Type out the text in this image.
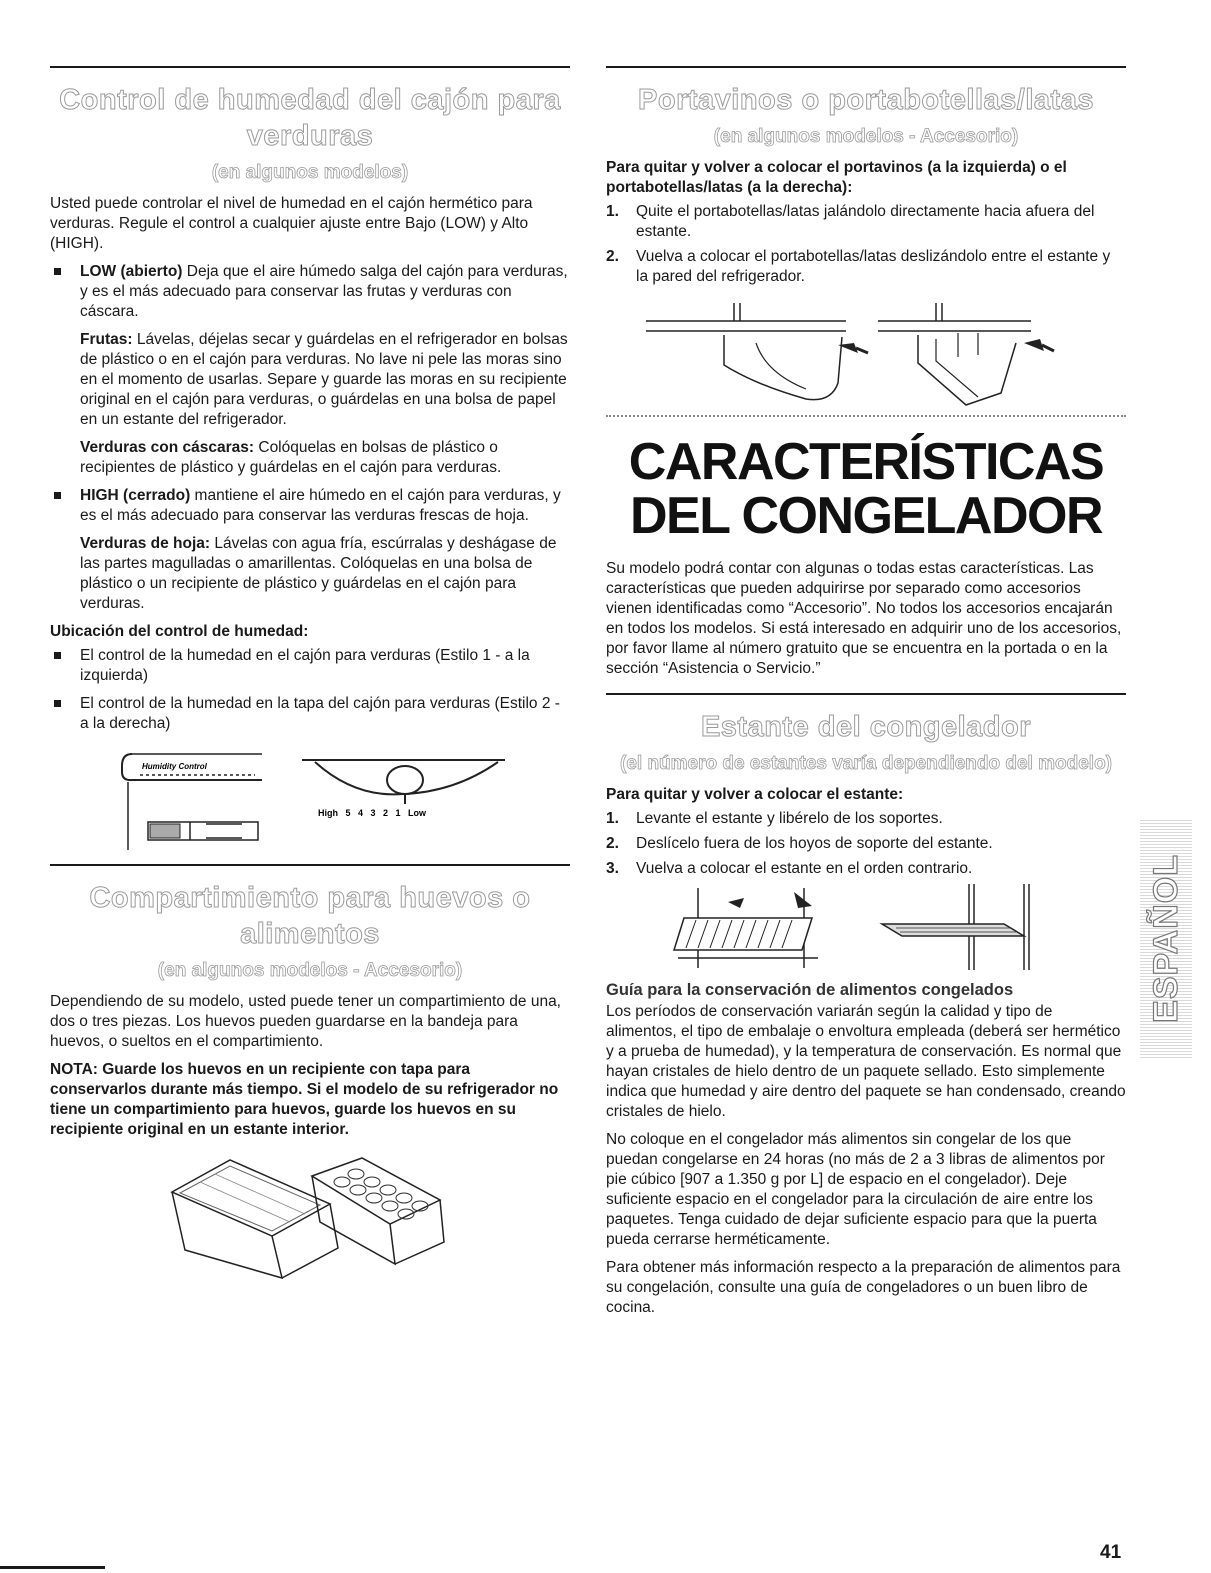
Control de humedad del cajón para verduras
(en algunos modelos)

Usted puede controlar el nivel de humedad en el cajón hermético para verduras. Regule el control a cualquier ajuste entre Bajo (LOW) y Alto (HIGH).

LOW (abierto) Deja que el aire húmedo salga del cajón para verduras, y es el más adecuado para conservar las frutas y verduras con cáscara.

Frutas: Lávelas, déjelas secar y guárdelas en el refrigerador en bolsas de plástico o en el cajón para verduras. No lave ni pele las moras sino en el momento de usarlas. Separe y guarde las moras en su recipiente original en el cajón para verduras, o guárdelas en una bolsa de papel en un estante del refrigerador.

Verduras con cáscaras: Colóquelas en bolsas de plástico o recipientes de plástico y guárdelas en el cajón para verduras.

HIGH (cerrado) mantiene el aire húmedo en el cajón para verduras, y es el más adecuado para conservar las verduras frescas de hoja.

Verduras de hoja: Lávelas con agua fría, escúrralas y deshágase de las partes magulladas o amarillentas. Colóquelas en una bolsa de plástico o un recipiente de plástico y guárdelas en el cajón para verduras.

Ubicación del control de humedad:

El control de la humedad en el cajón para verduras (Estilo 1 - a la izquierda)
El control de la humedad en la tapa del cajón para verduras (Estilo 2 - a la derecha)
Humidity Control
High   5   4   3   2   1   Low
Compartimiento para huevos o alimentos
(en algunos modelos - Accesorio)

Dependiendo de su modelo, usted puede tener un compartimiento de una, dos o tres piezas. Los huevos pueden guardarse en la bandeja para huevos, o sueltos en el compartimiento.

NOTA: Guarde los huevos en un recipiente con tapa para conservarlos durante más tiempo. Si el modelo de su refrigerador no tiene un compartimiento para huevos, guarde los huevos en su recipiente original en un estante interior.

Portavinos o portabotellas/latas
(en algunos modelos - Accesorio)

Para quitar y volver a colocar el portavinos (a la izquierda) o el portabotellas/latas (a la derecha):

1. Quite el portabotellas/latas jalándolo directamente hacia afuera del estante.
2. Vuelva a colocar el portabotellas/latas deslizándolo entre el estante y la pared del refrigerador.
CARACTERÍSTICAS DEL CONGELADOR

Su modelo podrá contar con algunas o todas estas características. Las características que pueden adquirirse por separado como accesorios vienen identificadas como “Accesorio”. No todos los accesorios encajarán en todos los modelos. Si está interesado en adquirir uno de los accesorios, por favor llame al número gratuito que se encuentra en la portada o en la sección “Asistencia o Servicio.”

Estante del congelador
(el número de estantes varía dependiendo del modelo)

Para quitar y volver a colocar el estante:

1. Levante el estante y libérelo de los soportes.
2. Deslícelo fuera de los hoyos de soporte del estante.
3. Vuelva a colocar el estante en el orden contrario.

Guía para la conservación de alimentos congelados

Los períodos de conservación variarán según la calidad y tipo de alimentos, el tipo de embalaje o envoltura empleada (deberá ser hermético y a prueba de humedad), y la temperatura de conservación. Es normal que hayan cristales de hielo dentro de un paquete sellado. Esto simplemente indica que humedad y aire dentro del paquete se han condensado, creando cristales de hielo.

No coloque en el congelador más alimentos sin congelar de los que puedan congelarse en 24 horas (no más de 2 a 3 libras de alimentos por pie cúbico [907 a 1.350 g por L] de espacio en el congelador). Deje suficiente espacio en el congelador para la circulación de aire entre los paquetes. Tenga cuidado de dejar suficiente espacio para que la puerta pueda cerrarse herméticamente.

Para obtener más información respecto a la preparación de alimentos para su congelación, consulte una guía de congeladores o un buen libro de cocina.

ESPAÑOL
41
